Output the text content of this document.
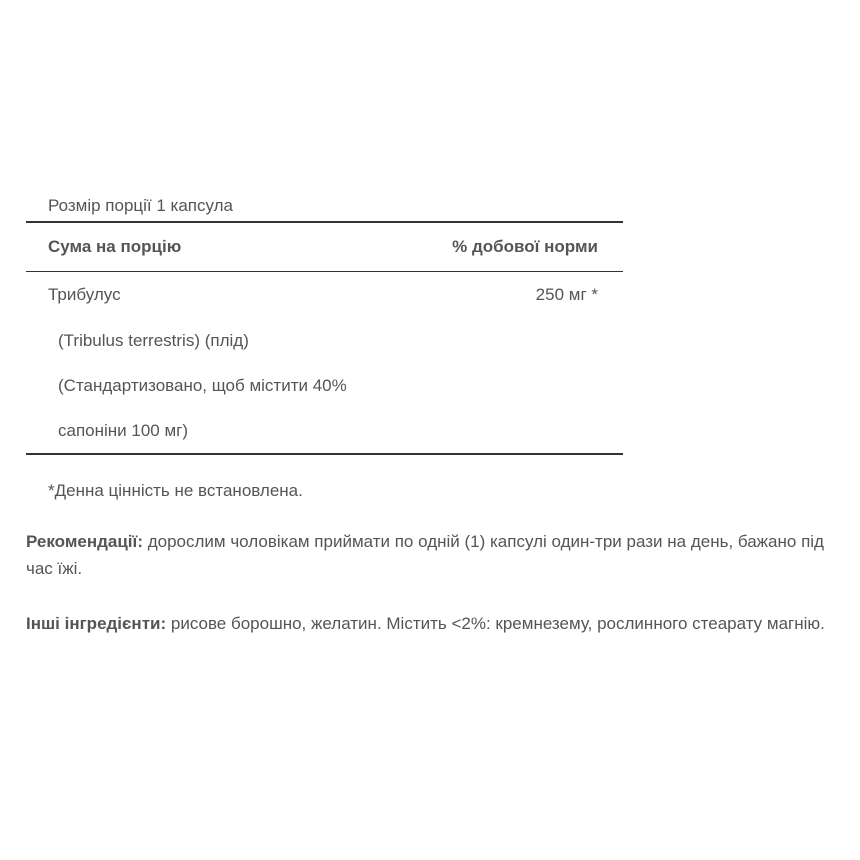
Розмір порції 1 капсула
Сума на порцію	% добової норми
Трибулус	250 мг *
(Tribulus terrestris) (плід)
(Стандартизовано, щоб містити 40%
сапоніни 100 мг)
*Денна цінність не встановлена.
Рекомендації: дорослим чоловікам приймати по одній (1) капсулі один-три рази на день, бажано під час їжі.
Інші інгредієнти: рисове борошно, желатин. Містить <2%: кремнезему, рослинного стеарату магнію.
